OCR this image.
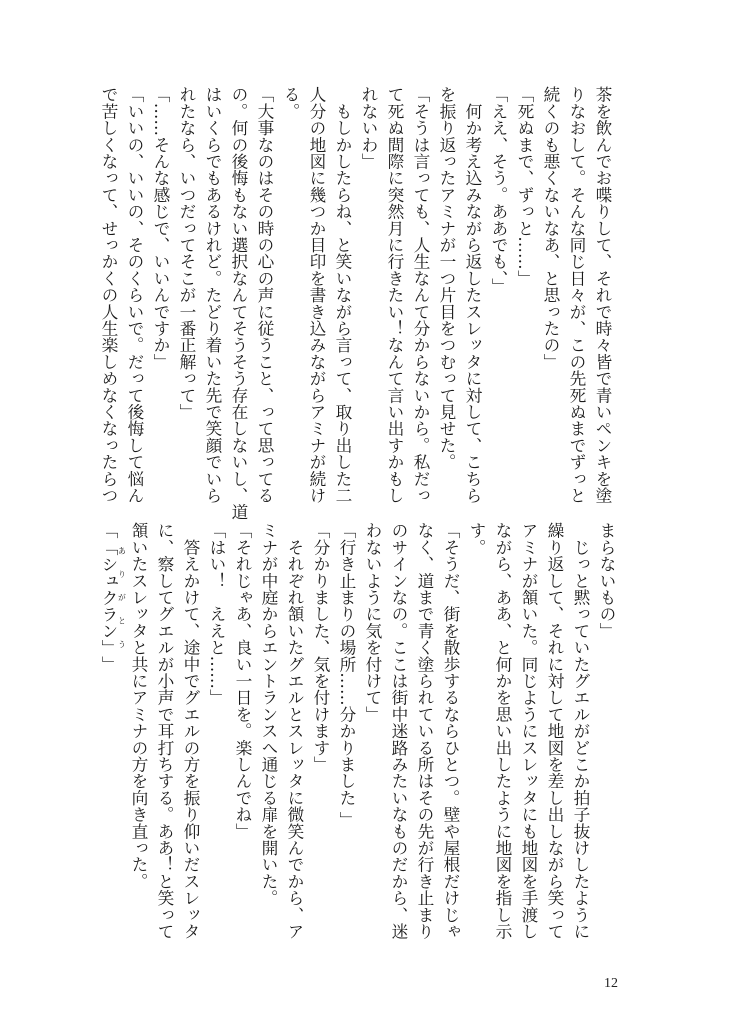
茶を飲んでお喋りして、それで時々皆で青いペンキを塗
りなおして。そんな同じ日々が、この先死ぬまでずっと
続くのも悪くないなあ、と思ったの」
「死ぬまで、ずっと……」
「ええ、そう。ああでも、」
　何か考え込みながら返したスレッタに対して、こちら
を振り返ったアミナが一つ片目をつむって見せた。
「そうは言っても、人生なんて分からないから。私だっ
て死ぬ間際に突然月に行きたい！なんて言い出すかもし
れないわ」
　もしかしたらね、と笑いながら言って、取り出した二
人分の地図に幾つか目印を書き込みながらアミナが続け
る。
「大事なのはその時の心の声に従うこと、って思ってる
の。何の後悔もない選択なんてそうそう存在しないし、道
はいくらでもあるけれど。たどり着いた先で笑顔でいら
れたなら、いつだってそこが一番正解って」
「……そんな感じで、いいんですか」
「いいの、いいの、そのくらいで。だって後悔して悩ん
で苦しくなって、せっかくの人生楽しめなくなったらつ
まらないもの」
　じっと黙っていたグエルがどこか拍子抜けしたように
繰り返して、それに対して地図を差し出しながら笑って
アミナが頷いた。同じようにスレッタにも地図を手渡し
ながら、ああ、と何かを思い出したように地図を指し示
す。
「そうだ、街を散歩するならひとつ。壁や屋根だけじゃ
なく、道まで青く塗られている所はその先が行き止まり
のサインなの。ここは街中迷路みたいなものだから、迷
わないように気を付けて」
「行き止まりの場所……分かりました 」
「分かりました、気を付けます」
　それぞれ頷いたグエルとスレッタに微笑んでから、ア
ミナが中庭からエントランスへ通じる扉を開いた。
「それじゃあ、良い一日を。楽しんでね」
「はい！　ええと……」
　答えかけて、途中でグエルの方を振り仰いだスレッタ
に、察してグエルが小声で耳打ちする。ああ！と笑って
頷いたスレッタと共にアミナの方を向き直った。
「「シュクラン」ありがとう」
12
